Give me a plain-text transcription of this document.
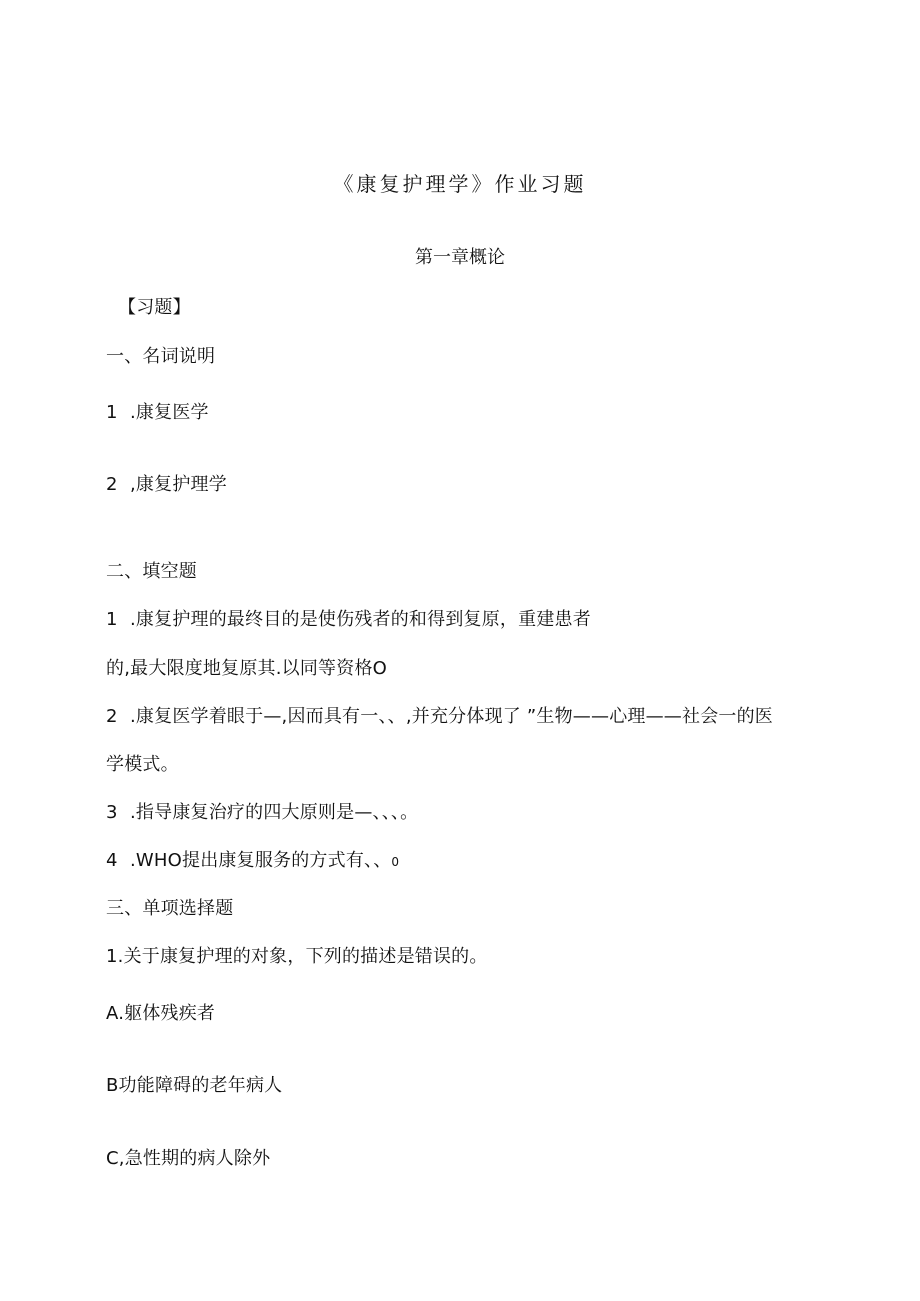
《康复护理学》作业习题
第一章概论
【习题】
一、名词说明
1 .康复医学
2 ,康复护理学
二、填空题
1 .康复护理的最终目的是使伤残者的和得到复原，重建患者
的,最大限度地复原其.以同等资格O
2 .康复医学着眼于—,因而具有一、、,并充分体现了 ”生物——心理——社会一的医
学模式。
3 .指导康复治疗的四大原则是—、、、。
4 .WHO提出康复服务的方式有、、0
三、单项选择题
1.关于康复护理的对象，下列的描述是错误的。
A.躯体残疾者
B功能障碍的老年病人
C,急性期的病人除外
